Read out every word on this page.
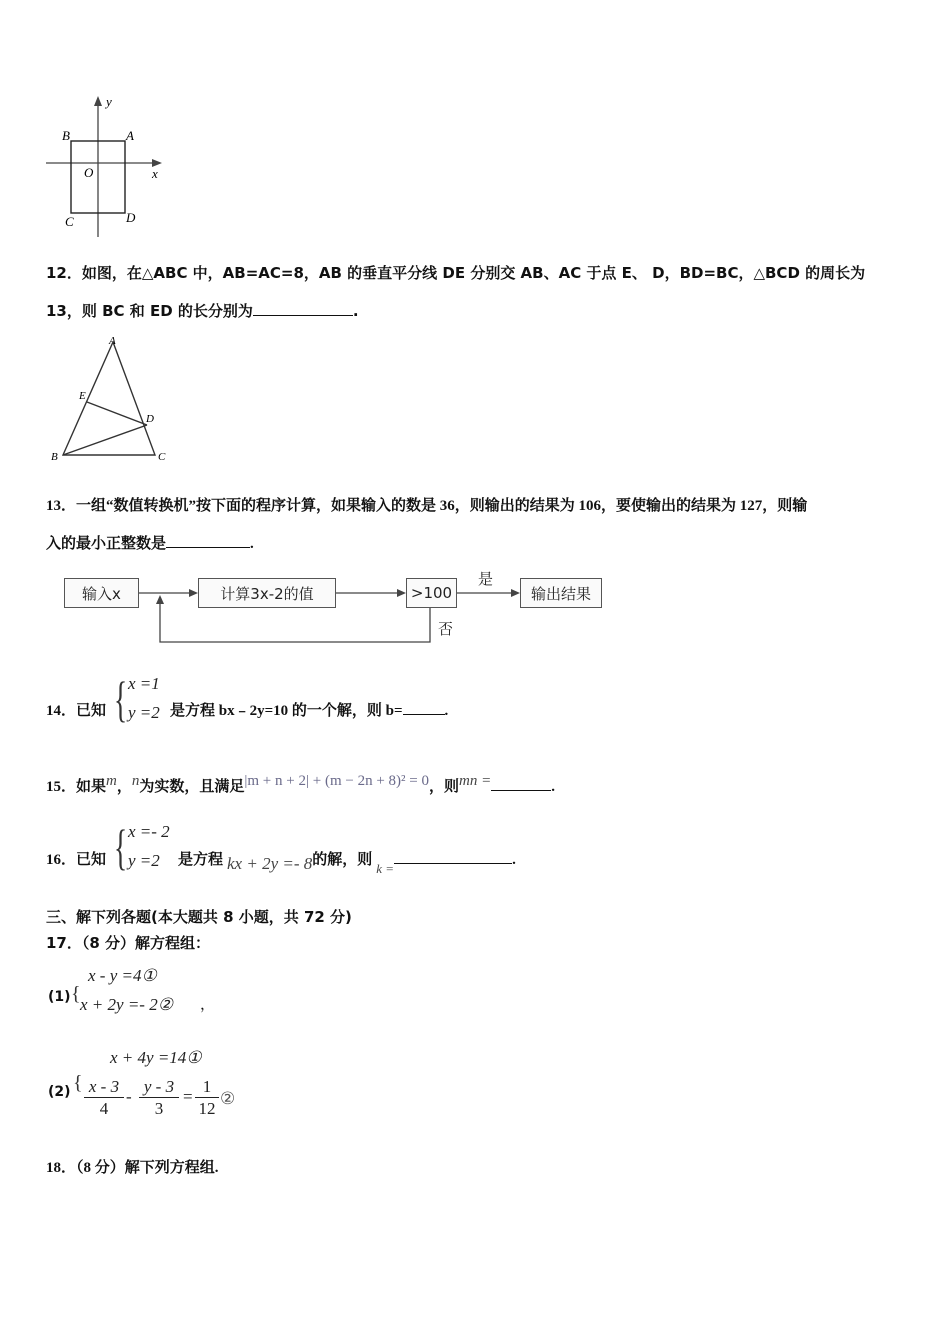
y
x
O
A
B
C	D
12．如图，在△ABC 中，AB=AC=8，AB 的垂直平分线 DE 分别交 AB、AC 于点 E、 D，BD=BC，△BCD 的周长为
13，则 BC 和 ED 的长分别为	.
A
E
D
B	C
13．一组“数值转换机”按下面的程序计算，如果输入的数是 36，则输出的结果为 106，要使输出的结果为 127，则输
入的最小正整数是	.
输入x	计算3x-2的值	>100	输出结果
是
否
14．已知 { x =1
y =2 是方程 bx﹣2y=10 的一个解，则 b=	.
15．如果$^m$，$^n$为实数，且满足$^{|m + n + 2| + (m - 2n + 8)^2 = 0}$，则$^{mn =}$	.
16．已知 { x =- 2
y =2 是方程 kx + 2y =- 8的解，则k =.
三、解下列各题(本大题共 8 小题，共 72 分)
17．（8 分）解方程组：
(1) {
x - y =4①
x + 2y =- 2② ，
(2) {
x + 4y =14①
x - 3
4
-
y - 3
3
=
1
12
②
18．（8 分）解下列方程组.
